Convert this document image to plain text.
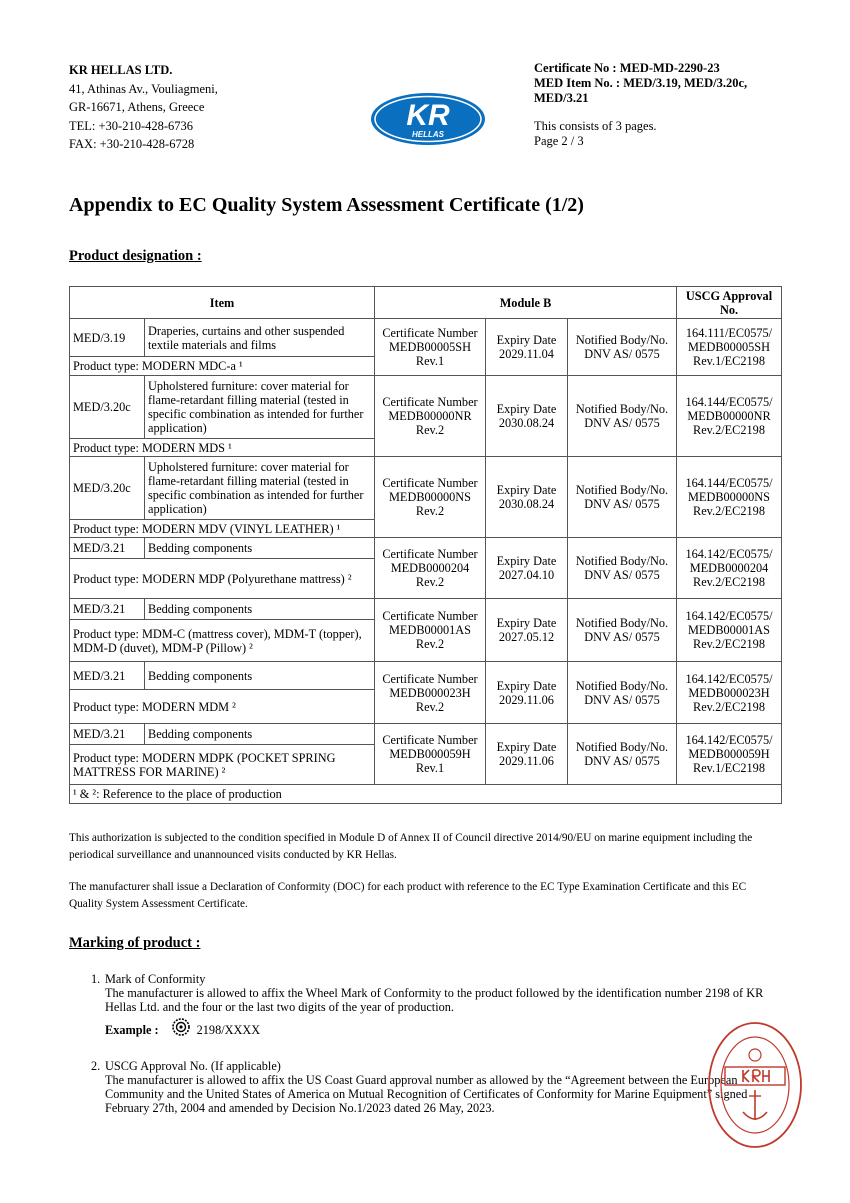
KR HELLAS LTD.
41, Athinas Av., Vouliagmeni,
GR-16671, Athens, Greece
TEL: +30-210-428-6736
FAX: +30-210-428-6728
KR
HELLAS
Certificate No : MED-MD-2290-23
MED Item No. : MED/3.19, MED/3.20c,
MED/3.21
This consists of 3 pages.
Page 2 / 3
Appendix to EC Quality System Assessment Certificate (1/2)
Product designation :
Item		Module B			USCG Approval No.
MED/3.19	Draperies, curtains and other suspended textile materials and films	Certificate Number MEDB00005SH Rev.1	Expiry Date 2029.11.04	Notified Body/No. DNV AS/ 0575	164.111/EC0575/ MEDB00005SH Rev.1/EC2198
Product type: MODERN MDC-a ¹					
MED/3.20c	Upholstered furniture: cover material for flame-retardant filling material (tested in specific combination as intended for further application)	Certificate Number MEDB00000NR Rev.2	Expiry Date 2030.08.24	Notified Body/No. DNV AS/ 0575	164.144/EC0575/ MEDB00000NR Rev.2/EC2198
Product type: MODERN MDS ¹					
MED/3.20c	Upholstered furniture: cover material for flame-retardant filling material (tested in specific combination as intended for further application)	Certificate Number MEDB00000NS Rev.2	Expiry Date 2030.08.24	Notified Body/No. DNV AS/ 0575	164.144/EC0575/ MEDB00000NS Rev.2/EC2198
Product type: MODERN MDV (VINYL LEATHER) ¹					
MED/3.21	Bedding components	Certificate Number MEDB0000204 Rev.2	Expiry Date 2027.04.10	Notified Body/No. DNV AS/ 0575	164.142/EC0575/ MEDB0000204 Rev.2/EC2198
Product type: MODERN MDP (Polyurethane mattress) ²					
MED/3.21	Bedding components	Certificate Number MEDB00001AS Rev.2	Expiry Date 2027.05.12	Notified Body/No. DNV AS/ 0575	164.142/EC0575/ MEDB00001AS Rev.2/EC2198
Product type: MDM-C (mattress cover), MDM-T (topper), MDM-D (duvet), MDM-P (Pillow) ²					
MED/3.21	Bedding components	Certificate Number MEDB000023H Rev.2	Expiry Date 2029.11.06	Notified Body/No. DNV AS/ 0575	164.142/EC0575/ MEDB000023H Rev.2/EC2198
Product type: MODERN MDM ²					
MED/3.21	Bedding components	Certificate Number MEDB000059H Rev.1	Expiry Date 2029.11.06	Notified Body/No. DNV AS/ 0575	164.142/EC0575/ MEDB000059H Rev.1/EC2198
Product type: MODERN MDPK (POCKET SPRING MATTRESS FOR MARINE) ²					
¹ & ²: Reference to the place of production					
This authorization is subjected to the condition specified in Module D of Annex II of Council directive 2014/90/EU on marine equipment including the periodical surveillance and unannounced visits conducted by KR Hellas.
The manufacturer shall issue a Declaration of Conformity (DOC) for each product with reference to the EC Type Examination Certificate and this EC Quality System Assessment Certificate.
Marking of product :
1. Mark of Conformity
The manufacturer is allowed to affix the Wheel Mark of Conformity to the product followed by the identification number 2198 of KR Hellas Ltd. and the four or the last two digits of the year of production.
Example :	2198/XXXX
2. USCG Approval No. (If applicable)
The manufacturer is allowed to affix the US Coast Guard approval number as allowed by the “Agreement between the European Community and the United States of America on Mutual Recognition of Certificates of Conformity for Marine Equipment” signed February 27th, 2004 and amended by Decision No.1/2023 dated 26 May, 2023.
